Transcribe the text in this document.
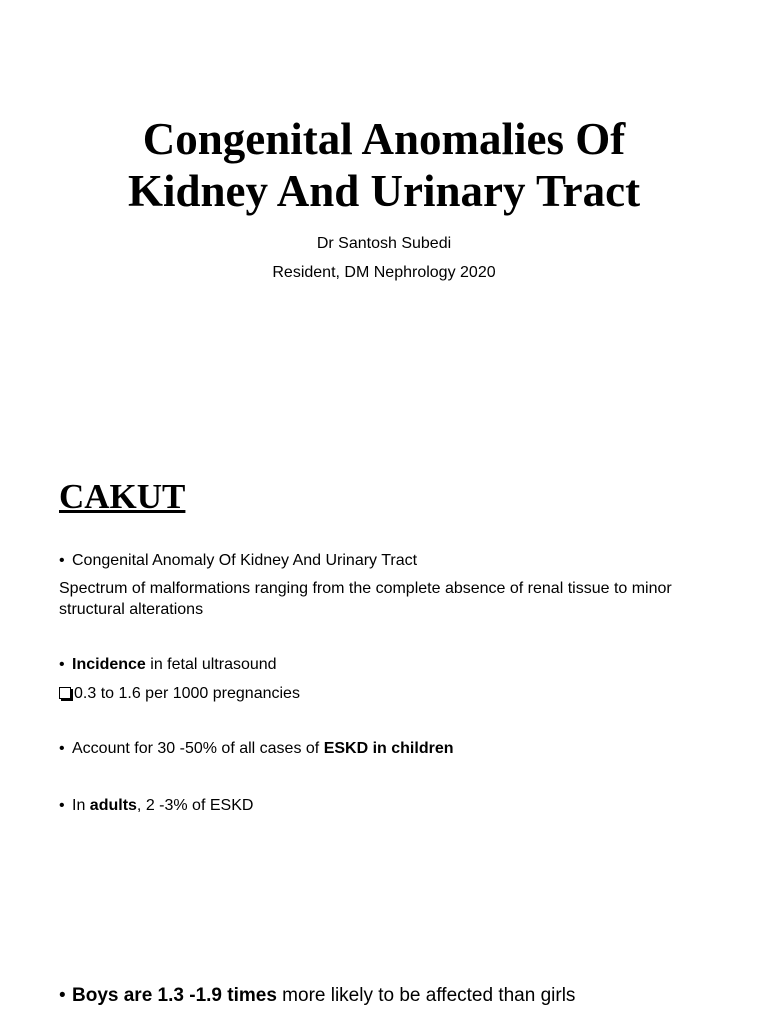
Congenital Anomalies Of
Kidney And Urinary Tract
Dr Santosh Subedi
Resident, DM Nephrology 2020
CAKUT
• Congenital Anomaly Of Kidney And Urinary Tract
Spectrum of malformations ranging from the complete absence of renal tissue to minor structural alterations
• Incidence in fetal ultrasound
0.3 to 1.6 per 1000 pregnancies
• Account for 30 -50% of all cases of ESKD in children
• In adults, 2 -3% of ESKD
• Boys are 1.3 -1.9 times more likely to be affected than girls
